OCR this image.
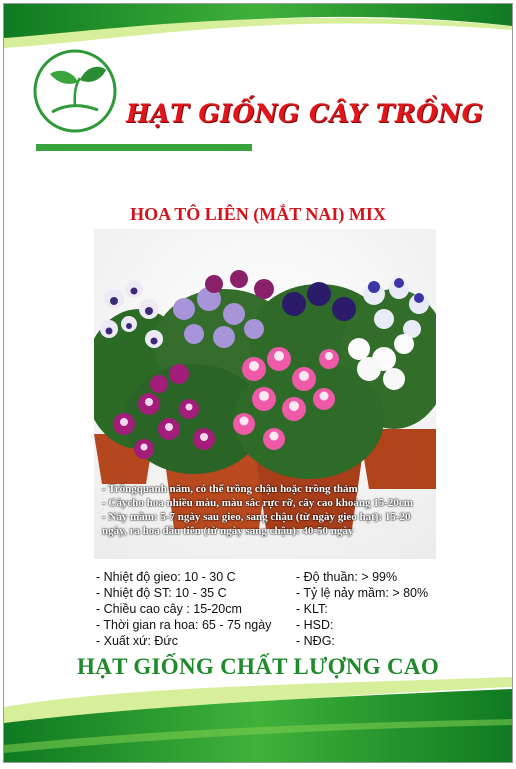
HẠT GIỐNG CÂY TRỒNG
HOA TÔ LIÊN (MẮT NAI) MIX
- Trồngquanh năm, có thể trồng chậu hoặc trồng thảm
- Câycho hoa nhiều màu, màu sắc rực rỡ, cây cao khoảng 15-20cm
- Nảy mầm: 5-7 ngày sau gieo, sang chậu (từ ngày gieo hạt): 15-20 ngày, ra hoa đầu tiên (từ ngày sang chậu): 40-50 ngày
- Nhiệt độ gieo: 10 - 30 C
- Nhiệt độ ST: 10 - 35 C
- Chiều cao cây : 15-20cm
- Thời gian ra hoa: 65 - 75 ngày
- Xuất xứ: Đức
- Độ thuần: > 99%
- Tỷ lệ nảy mầm: > 80%
- KLT:
- HSD:
- NĐG:
HẠT GIỐNG CHẤT LƯỢNG CAO
